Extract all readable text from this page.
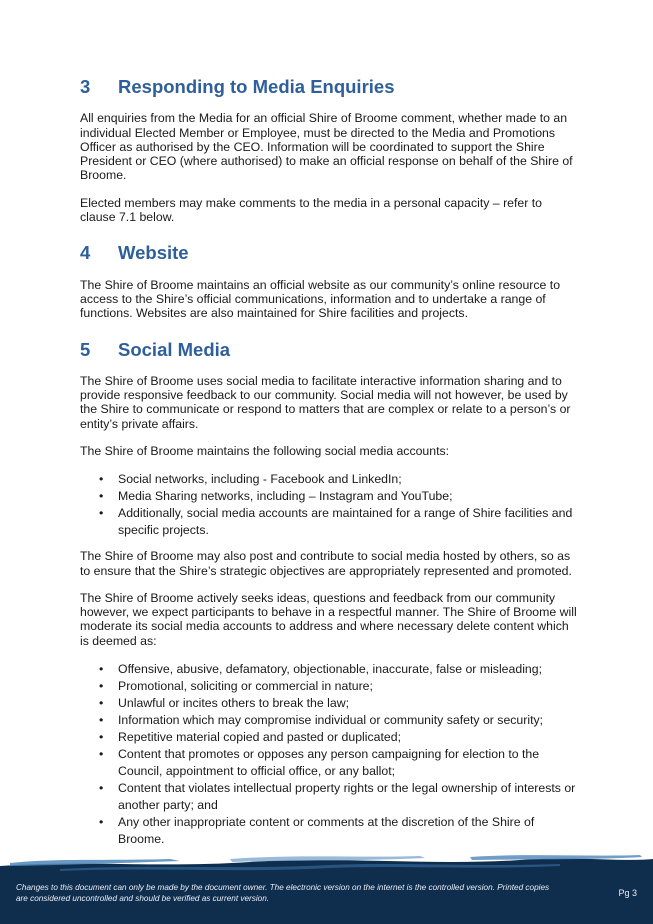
3 Responding to Media Enquiries

All enquiries from the Media for an official Shire of Broome comment, whether made to an individual Elected Member or Employee, must be directed to the Media and Promotions Officer as authorised by the CEO. Information will be coordinated to support the Shire President or CEO (where authorised) to make an official response on behalf of the Shire of Broome.

Elected members may make comments to the media in a personal capacity – refer to clause 7.1 below.

4 Website

The Shire of Broome maintains an official website as our community’s online resource to access to the Shire’s official communications, information and to undertake a range of functions. Websites are also maintained for Shire facilities and projects.

5 Social Media

The Shire of Broome uses social media to facilitate interactive information sharing and to provide responsive feedback to our community. Social media will not however, be used by the Shire to communicate or respond to matters that are complex or relate to a person’s or entity’s private affairs.

The Shire of Broome maintains the following social media accounts:

• Social networks, including - Facebook and LinkedIn;
• Media Sharing networks, including – Instagram and YouTube;
• Additionally, social media accounts are maintained for a range of Shire facilities and specific projects.

The Shire of Broome may also post and contribute to social media hosted by others, so as to ensure that the Shire’s strategic objectives are appropriately represented and promoted.

The Shire of Broome actively seeks ideas, questions and feedback from our community however, we expect participants to behave in a respectful manner. The Shire of Broome will moderate its social media accounts to address and where necessary delete content which is deemed as:

• Offensive, abusive, defamatory, objectionable, inaccurate, false or misleading;
• Promotional, soliciting or commercial in nature;
• Unlawful or incites others to break the law;
• Information which may compromise individual or community safety or security;
• Repetitive material copied and pasted or duplicated;
• Content that promotes or opposes any person campaigning for election to the Council, appointment to official office, or any ballot;
• Content that violates intellectual property rights or the legal ownership of interests or another party; and
• Any other inappropriate content or comments at the discretion of the Shire of Broome.
Changes to this document can only be made by the document owner. The electronic version on the internet is the controlled version. Printed copies
are considered uncontrolled and should be verified as current version.
Pg 3
